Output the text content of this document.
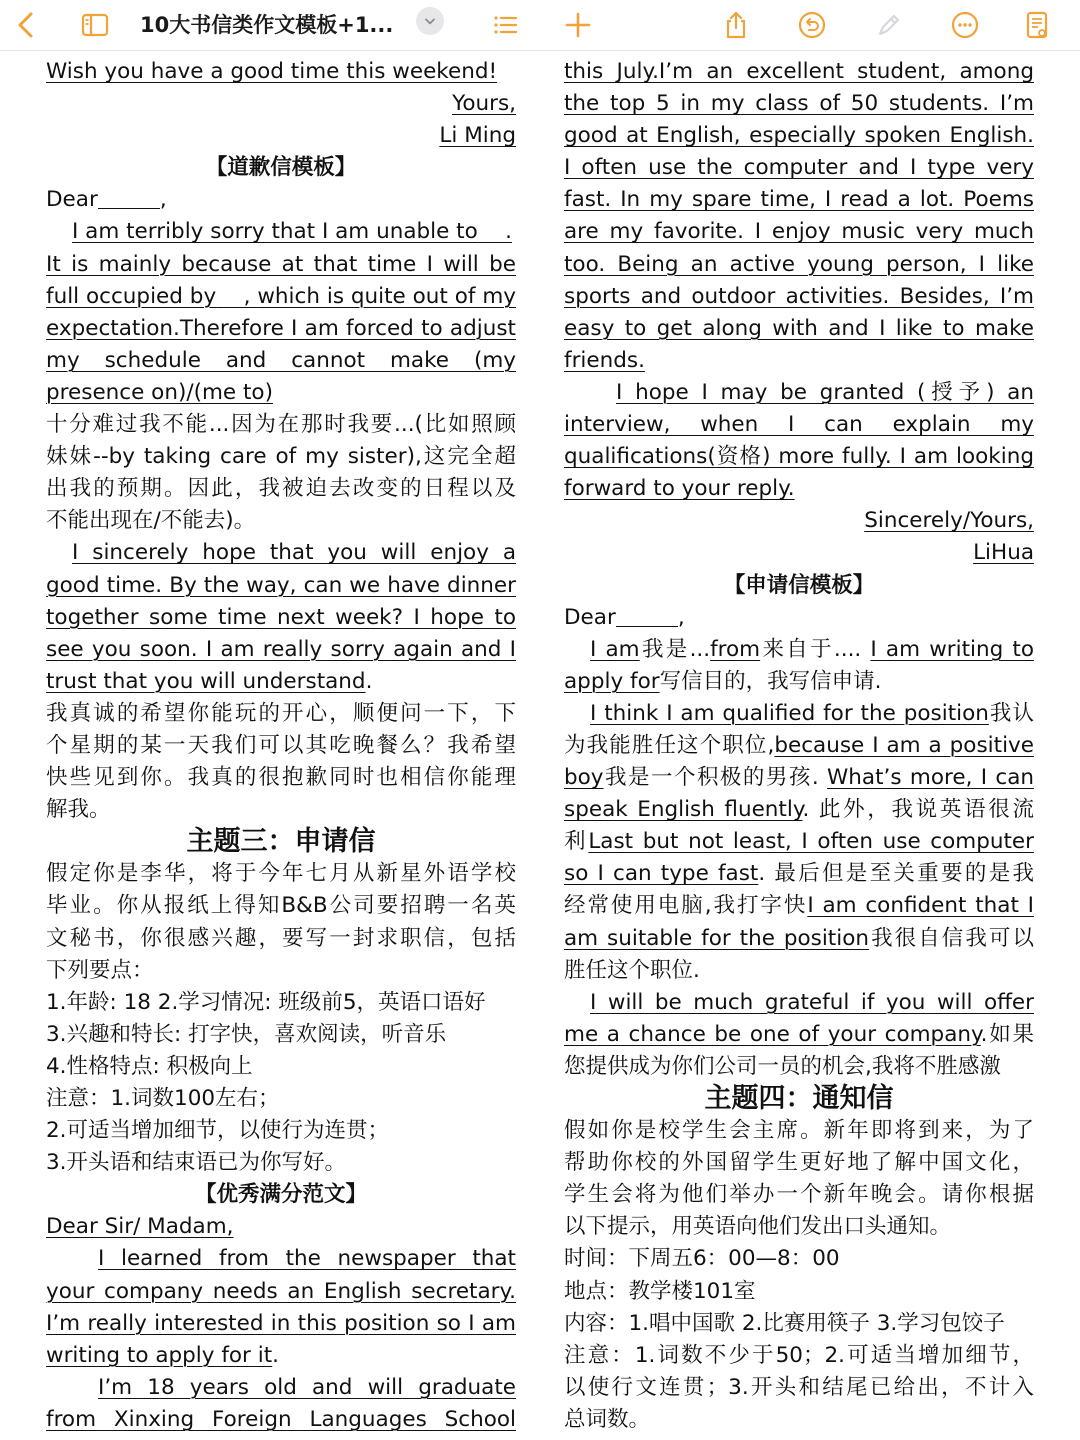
10大书信类作文模板+1...
Wish you have a good time this weekend!
Yours,
Li Ming
【道歉信模板】
Dear	,
I am terribly sorry that I am unable to    .
It is mainly because at that time I will be
full occupied by    , which is quite out of my
expectation.Therefore I am forced to adjust
my schedule and cannot make (my
presence on)/(me to)
十分难过我不能...因为在那时我要...(比如照顾
妹妹--by taking care of my sister),这完全超
出我的预期。因此，我被迫去改变的日程以及
不能出现在/不能去)。
I sincerely hope that you will enjoy a
good time. By the way, can we have dinner
together some time next week? I hope to
see you soon. I am really sorry again and I
trust that you will understand.
我真诚的希望你能玩的开心，顺便问一下，下
个星期的某一天我们可以其吃晚餐么？我希望
快些见到你。我真的很抱歉同时也相信你能理
解我。
主题三：申请信
假定你是李华，将于今年七月从新星外语学校
毕业。你从报纸上得知B&B公司要招聘一名英
文秘书，你很感兴趣，要写一封求职信，包括
下列要点：
1.年龄: 18 2.学习情况: 班级前5，英语口语好
3.兴趣和特长: 打字快，喜欢阅读，听音乐
4.性格特点: 积极向上
注意：1.词数100左右；
2.可适当增加细节，以使行为连贯；
3.开头语和结束语已为你写好。
【优秀满分范文】
Dear Sir/ Madam,
I learned from the newspaper that
your company needs an English secretary.
I’m really interested in this position so I am
writing to apply for it.
I’m 18 years old and will graduate
from Xinxing Foreign Languages School
this July.I’m an excellent student, among
the top 5 in my class of 50 students. I’m
good at English, especially spoken English.
I often use the computer and I type very
fast. In my spare time, I read a lot. Poems
are my favorite. I enjoy music very much
too. Being an active young person, I like
sports and outdoor activities. Besides, I’m
easy to get along with and I like to make
friends.
I hope I may be granted (授予) an
interview, when I can explain my
qualifications(资格) more fully. I am looking
forward to your reply.
Sincerely/Yours,
LiHua
【申请信模板】
Dear	,
I am我是...from来自于.... I am writing to
apply for写信目的，我写信申请.
I think I am qualified for the position我认
为我能胜任这个职位,because I am a positive
boy我是一个积极的男孩. What’s more, I can
speak English fluently. 此外，我说英语很流
利Last but not least, I often use computer
so I can type fast. 最后但是至关重要的是我
经常使用电脑,我打字快I am confident that I
am suitable for the position我很自信我可以
胜任这个职位.
I will be much grateful if you will offer
me a chance be one of your company.如果
您提供成为你们公司一员的机会,我将不胜感激
主题四：通知信
假如你是校学生会主席。新年即将到来，为了
帮助你校的外国留学生更好地了解中国文化，
学生会将为他们举办一个新年晚会。请你根据
以下提示，用英语向他们发出口头通知。
时间：下周五6：00—8：00
地点：教学楼101室
内容：1.唱中国歌 2.比赛用筷子 3.学习包饺子
注意：1.词数不少于50；2.可适当增加细节，
以使行文连贯；3.开头和结尾已给出，不计入
总词数。
